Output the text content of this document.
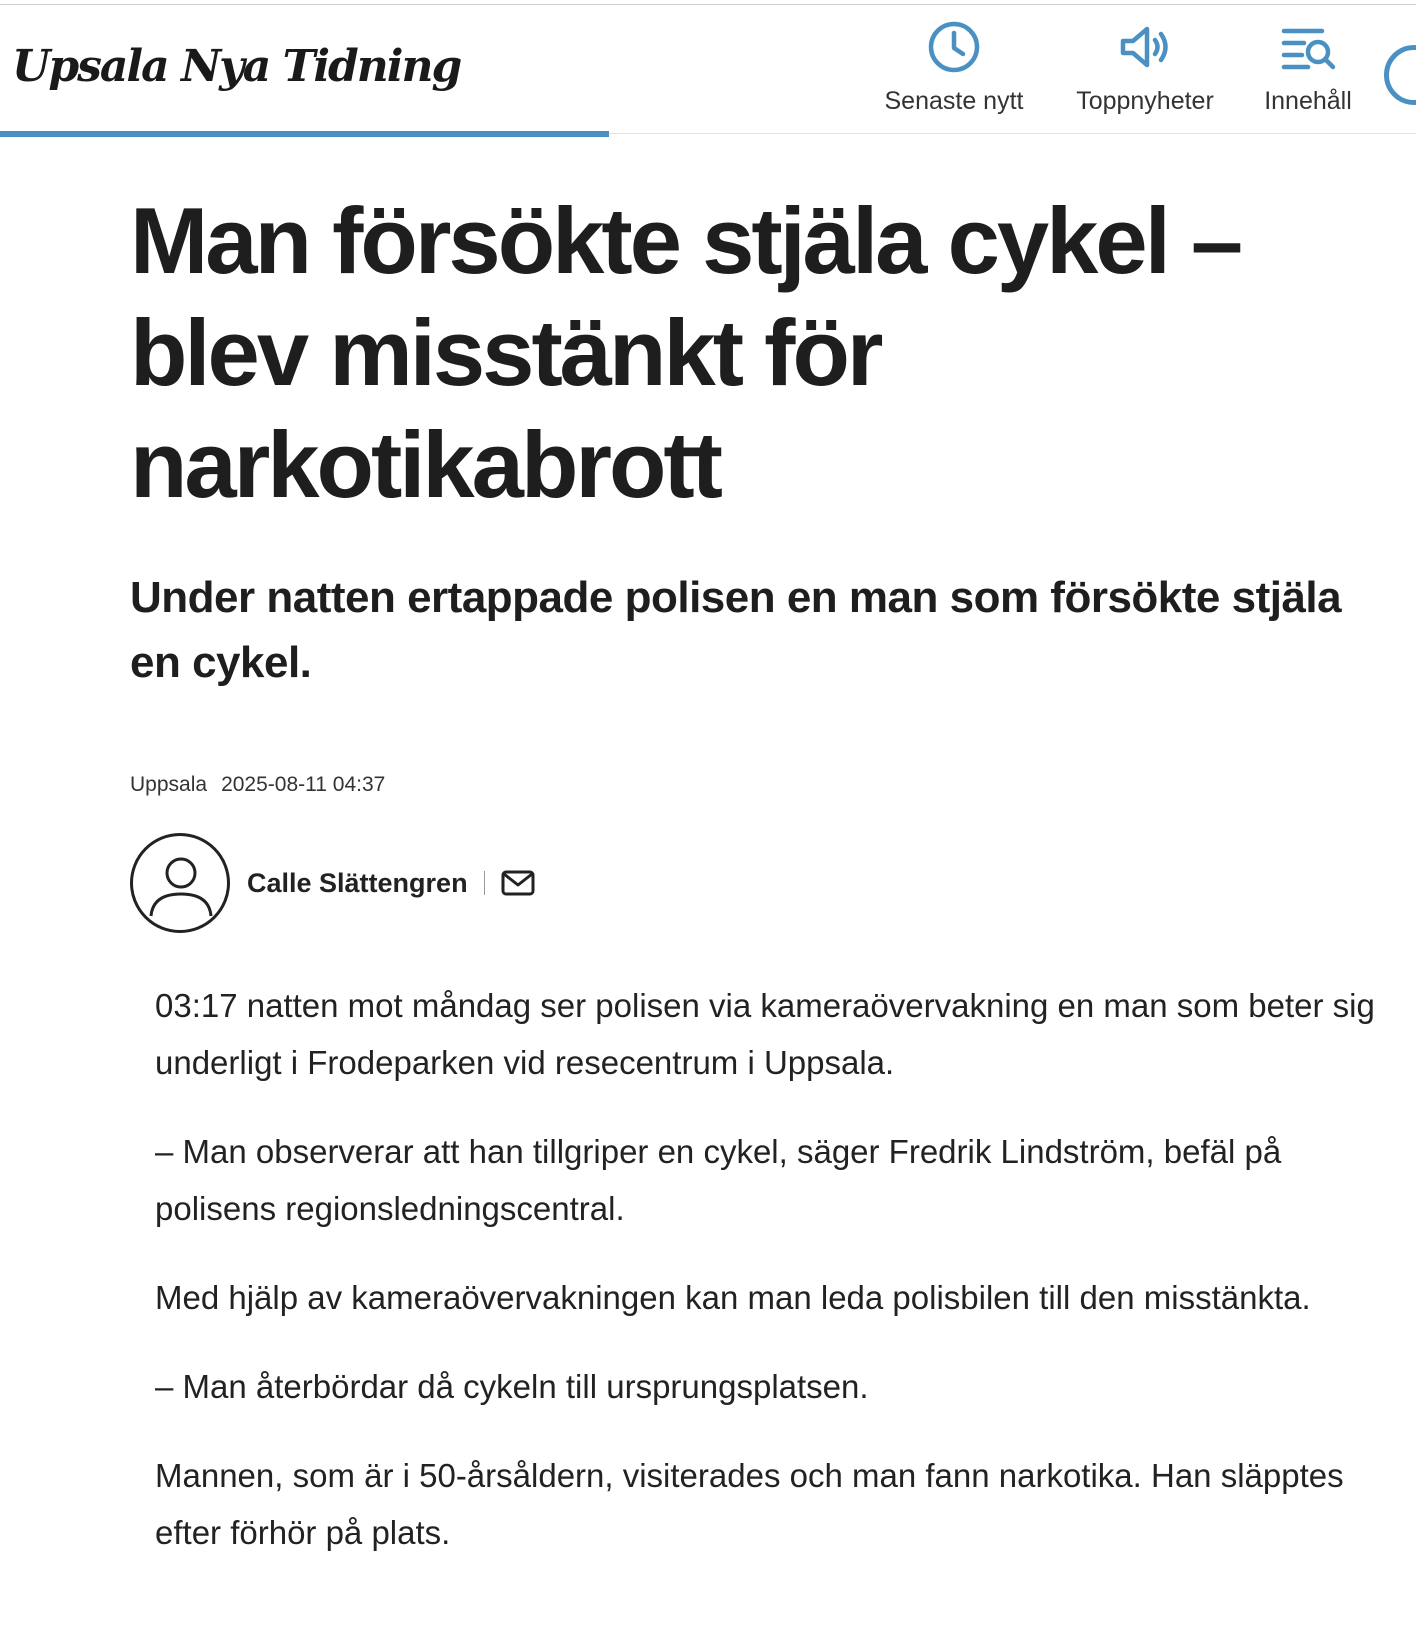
Upsala Nya Tidning
Senaste nytt	Toppnyheter	Innehåll
Man försökte stjäla cykel – blev misstänkt för narkotikabrott
Under natten ertappade polisen en man som försökte stjäla en cykel.
Uppsala 2025-08-11 04:37
Calle Slättengren

03:17 natten mot måndag ser polisen via kameraövervakning en man som beter sig underligt i Frodeparken vid resecentrum i Uppsala.

– Man observerar att han tillgriper en cykel, säger Fredrik Lindström, befäl på polisens regionsledningscentral.

Med hjälp av kameraövervakningen kan man leda polisbilen till den misstänkta.

– Man återbördar då cykeln till ursprungsplatsen.

Mannen, som är i 50-årsåldern, visiterades och man fann narkotika. Han släpptes efter förhör på plats.
